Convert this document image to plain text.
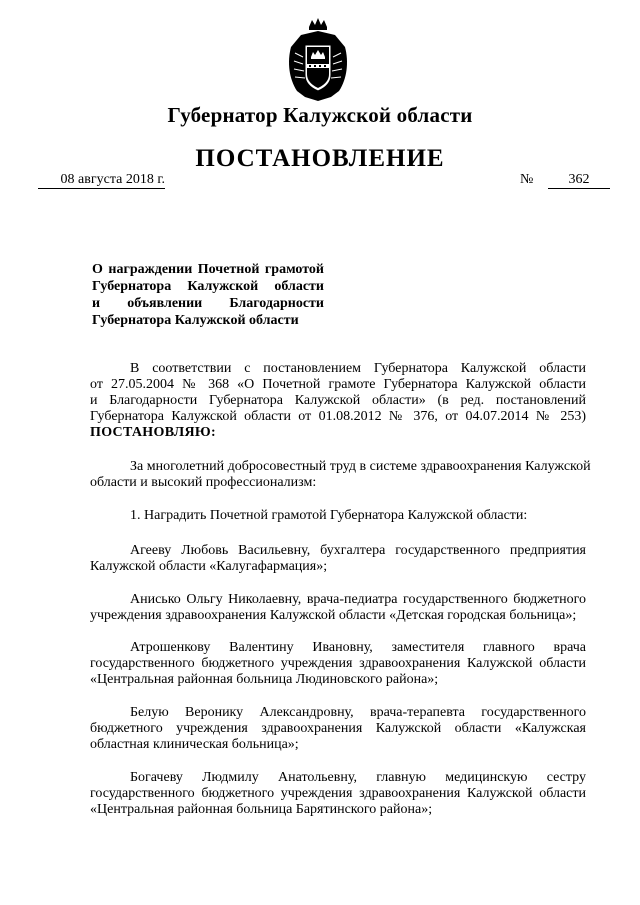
Губернатор Калужской области
ПОСТАНОВЛЕНИЕ
08 августа 2018 г.	№	362
О награждении Почетной грамотой
Губернатора Калужской области
и объявлении Благодарности
Губернатора Калужской области
В соответствии с постановлением Губернатора Калужской области
от 27.05.2004 № 368 «О Почетной грамоте Губернатора Калужской области
и Благодарности Губернатора Калужской области» (в ред. постановлений
Губернатора Калужской области от 01.08.2012 № 376, от 04.07.2014 № 253)
ПОСТАНОВЛЯЮ:
За многолетний добросовестный труд в системе здравоохранения Калужской
области и высокий профессионализм:
1. Наградить Почетной грамотой Губернатора Калужской области:
Агееву Любовь Васильевну, бухгалтера государственного предприятия
Калужской области «Калугафармация»;
Анисько Ольгу Николаевну, врача-педиатра государственного бюджетного
учреждения здравоохранения Калужской области «Детская городская больница»;
Атрошенкову Валентину Ивановну, заместителя главного врача
государственного бюджетного учреждения здравоохранения Калужской области
«Центральная районная больница Людиновского района»;
Белую Веронику Александровну, врача-терапевта государственного
бюджетного учреждения здравоохранения Калужской области «Калужская
областная клиническая больница»;
Богачеву Людмилу Анатольевну, главную медицинскую сестру
государственного бюджетного учреждения здравоохранения Калужской области
«Центральная районная больница Барятинского района»;
